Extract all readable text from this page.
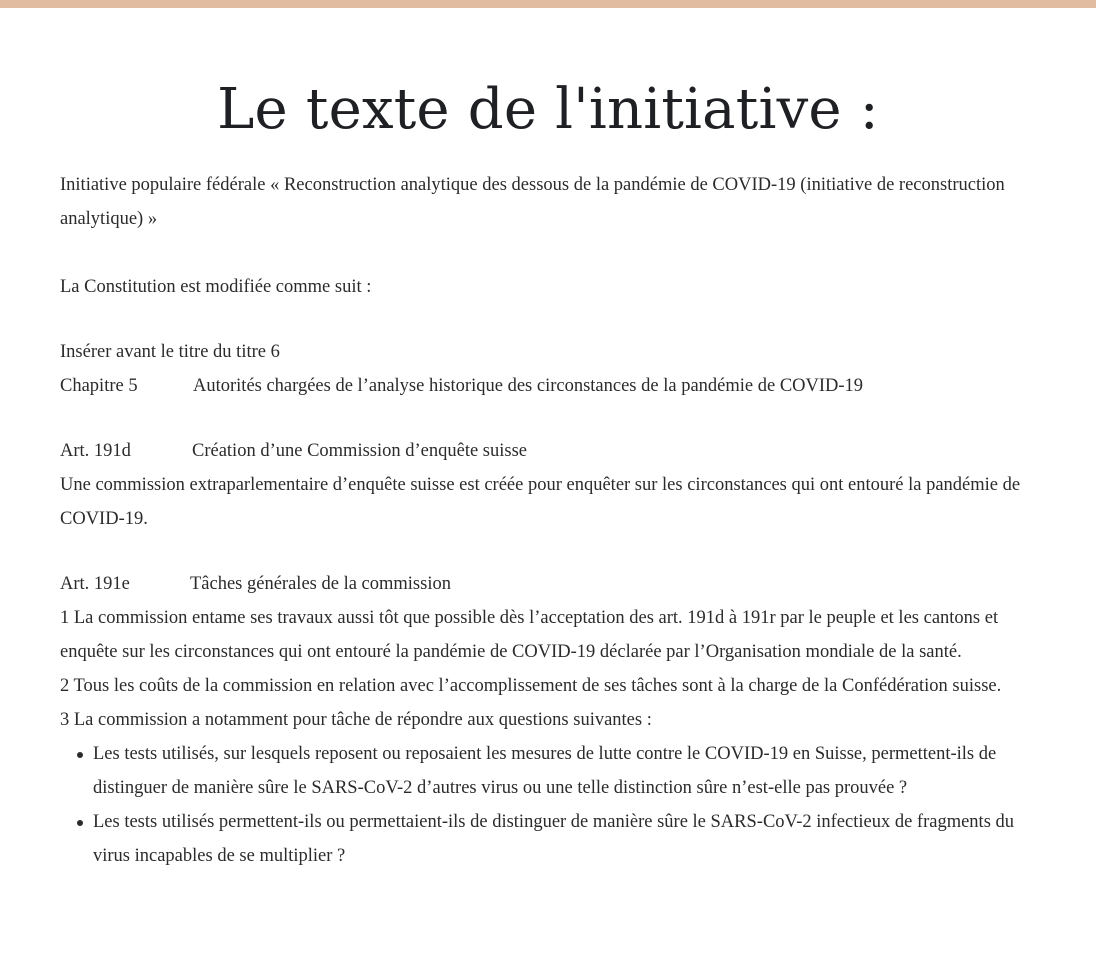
Le texte de l'initiative :

Initiative populaire fédérale « Reconstruction analytique des dessous de la pandémie de COVID-19 (initiative de reconstruction analytique) »

La Constitution est modifiée comme suit :

Insérer avant le titre du titre 6

Chapitre 5	Autorités chargées de l’analyse historique des circonstances de la pandémie de COVID-19

Art. 191d	Création d’une Commission d’enquête suisse

Une commission extraparlementaire d’enquête suisse est créée pour enquêter sur les circonstances qui ont entouré la pandémie de COVID-19.

Art. 191e	Tâches générales de la commission

1 La commission entame ses travaux aussi tôt que possible dès l’acceptation des art. 191d à 191r par le peuple et les cantons et enquête sur les circonstances qui ont entouré la pandémie de COVID-19 déclarée par l’Organisation mondiale de la santé.

2 Tous les coûts de la commission en relation avec l’accomplissement de ses tâches sont à la charge de la Confédération suisse.

3 La commission a notamment pour tâche de répondre aux questions suivantes :

Les tests utilisés, sur lesquels reposent ou reposaient les mesures de lutte contre le COVID-19 en Suisse, permettent-ils de distinguer de manière sûre le SARS-CoV-2 d’autres virus ou une telle distinction sûre n’est-elle pas prouvée ?
Les tests utilisés permettent-ils ou permettaient-ils de distinguer de manière sûre le SARS-CoV-2 infectieux de fragments du virus incapables de se multiplier ?
